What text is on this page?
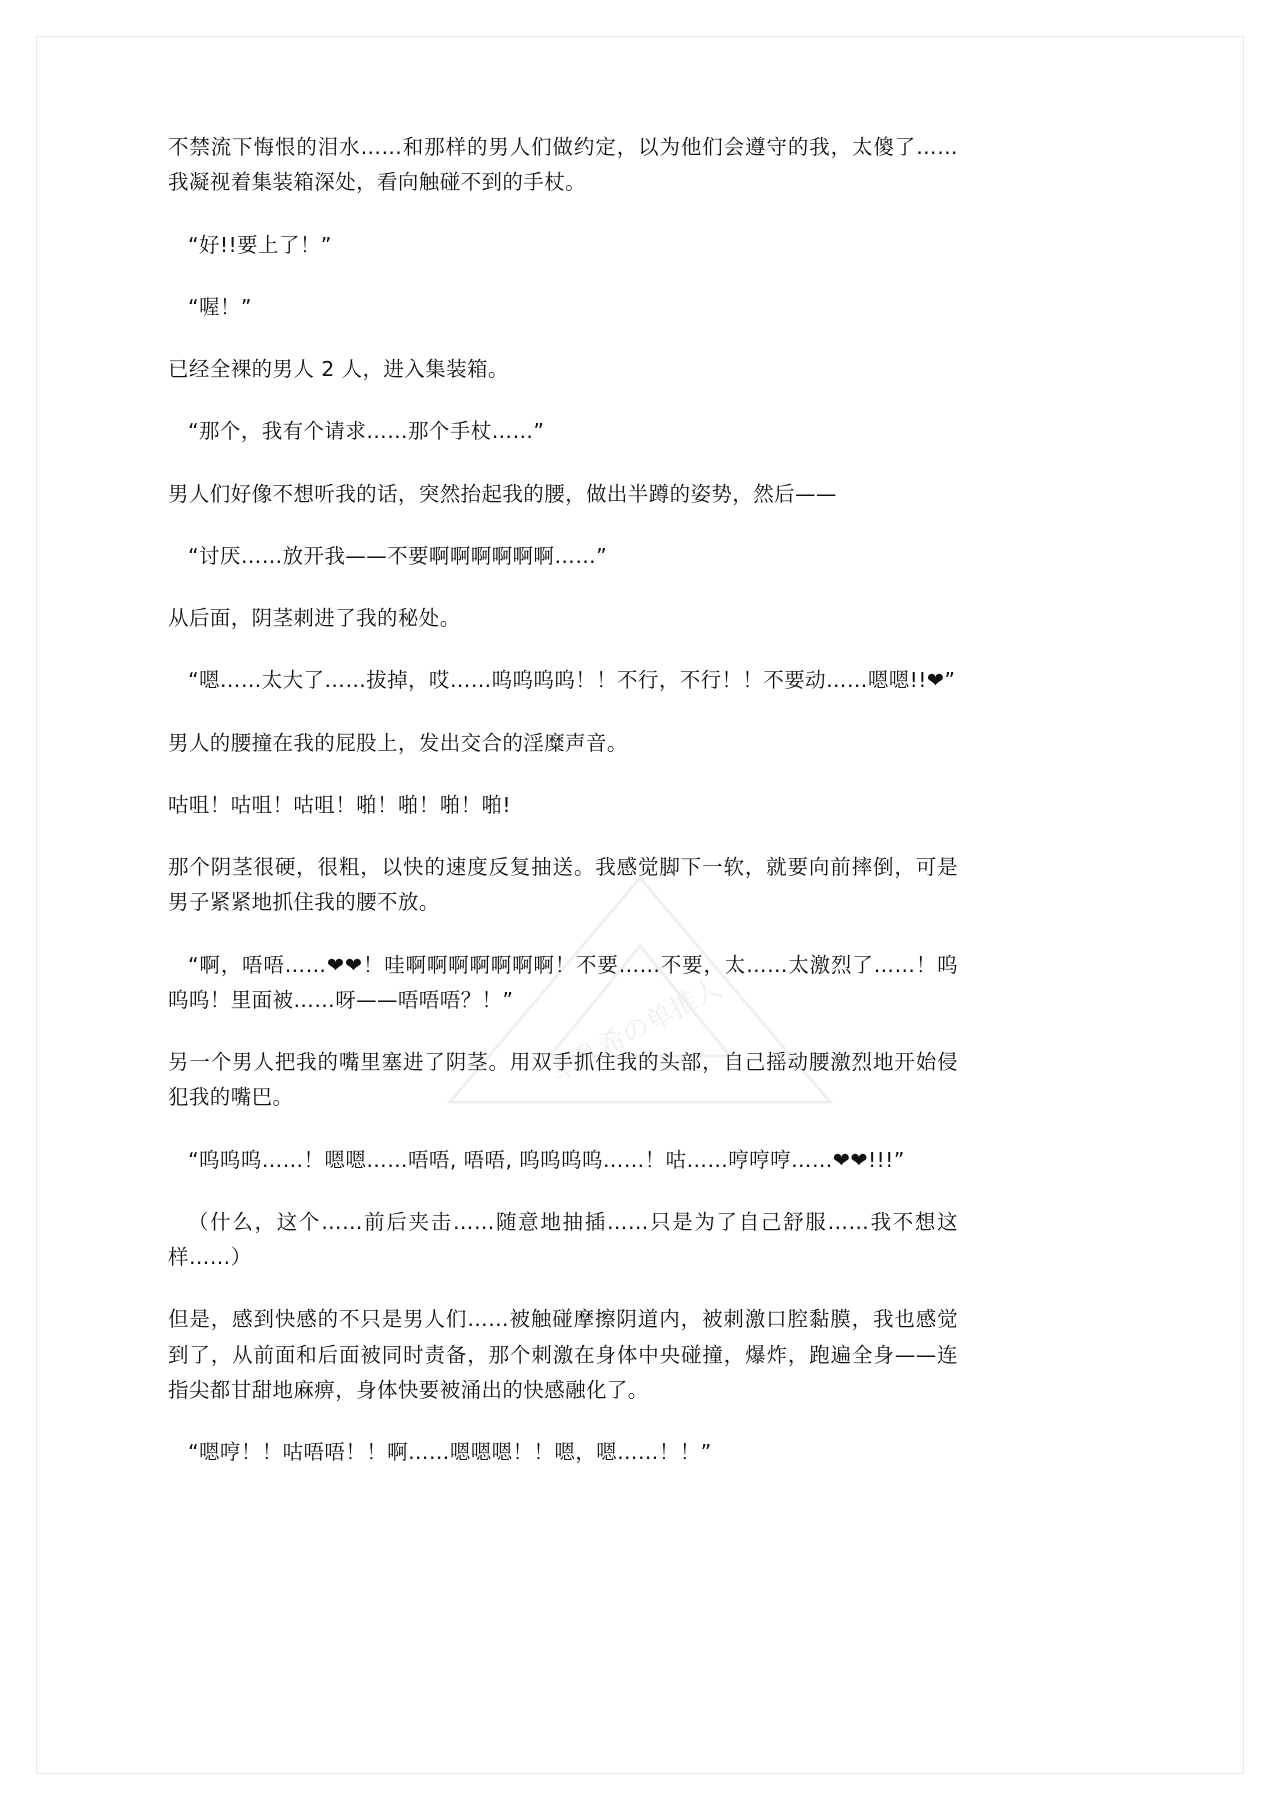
幸乱希の单推人

不禁流下悔恨的泪水……和那样的男人们做约定，以为他们会遵守的我，太傻了……我凝视着集装箱深处，看向触碰不到的手杖。

“好!!要上了！”

“喔！”

已经全裸的男人 2 人，进入集装箱。

“那个，我有个请求……那个手杖……”

男人们好像不想听我的话，突然抬起我的腰，做出半蹲的姿势，然后——

“讨厌……放开我——不要啊啊啊啊啊啊……”

从后面，阴茎刺进了我的秘处。

“嗯……太大了……拔掉，哎……呜呜呜呜！！不行，不行！！不要动……嗯嗯!!❤”

男人的腰撞在我的屁股上，发出交合的淫糜声音。

咕咀！咕咀！咕咀！啪！啪！啪！啪!

那个阴茎很硬，很粗，以快的速度反复抽送。我感觉脚下一软，就要向前摔倒，可是男子紧紧地抓住我的腰不放。

“啊，唔唔……❤❤！哇啊啊啊啊啊啊啊！不要……不要，太……太激烈了……！呜呜呜！里面被……呀——唔唔唔？！”

另一个男人把我的嘴里塞进了阴茎。用双手抓住我的头部，自己摇动腰激烈地开始侵犯我的嘴巴。

“呜呜呜……！嗯嗯……唔唔, 唔唔, 呜呜呜呜……！咕……哼哼哼……❤❤!!!”

（什么，这个……前后夹击……随意地抽插……只是为了自己舒服……我不想这样……）

但是，感到快感的不只是男人们……被触碰摩擦阴道内，被刺激口腔黏膜，我也感觉到了，从前面和后面被同时责备，那个刺激在身体中央碰撞，爆炸，跑遍全身——连指尖都甘甜地麻痹，身体快要被涌出的快感融化了。

“嗯哼！！咕唔唔！！啊……嗯嗯嗯！！嗯，嗯……！！”
